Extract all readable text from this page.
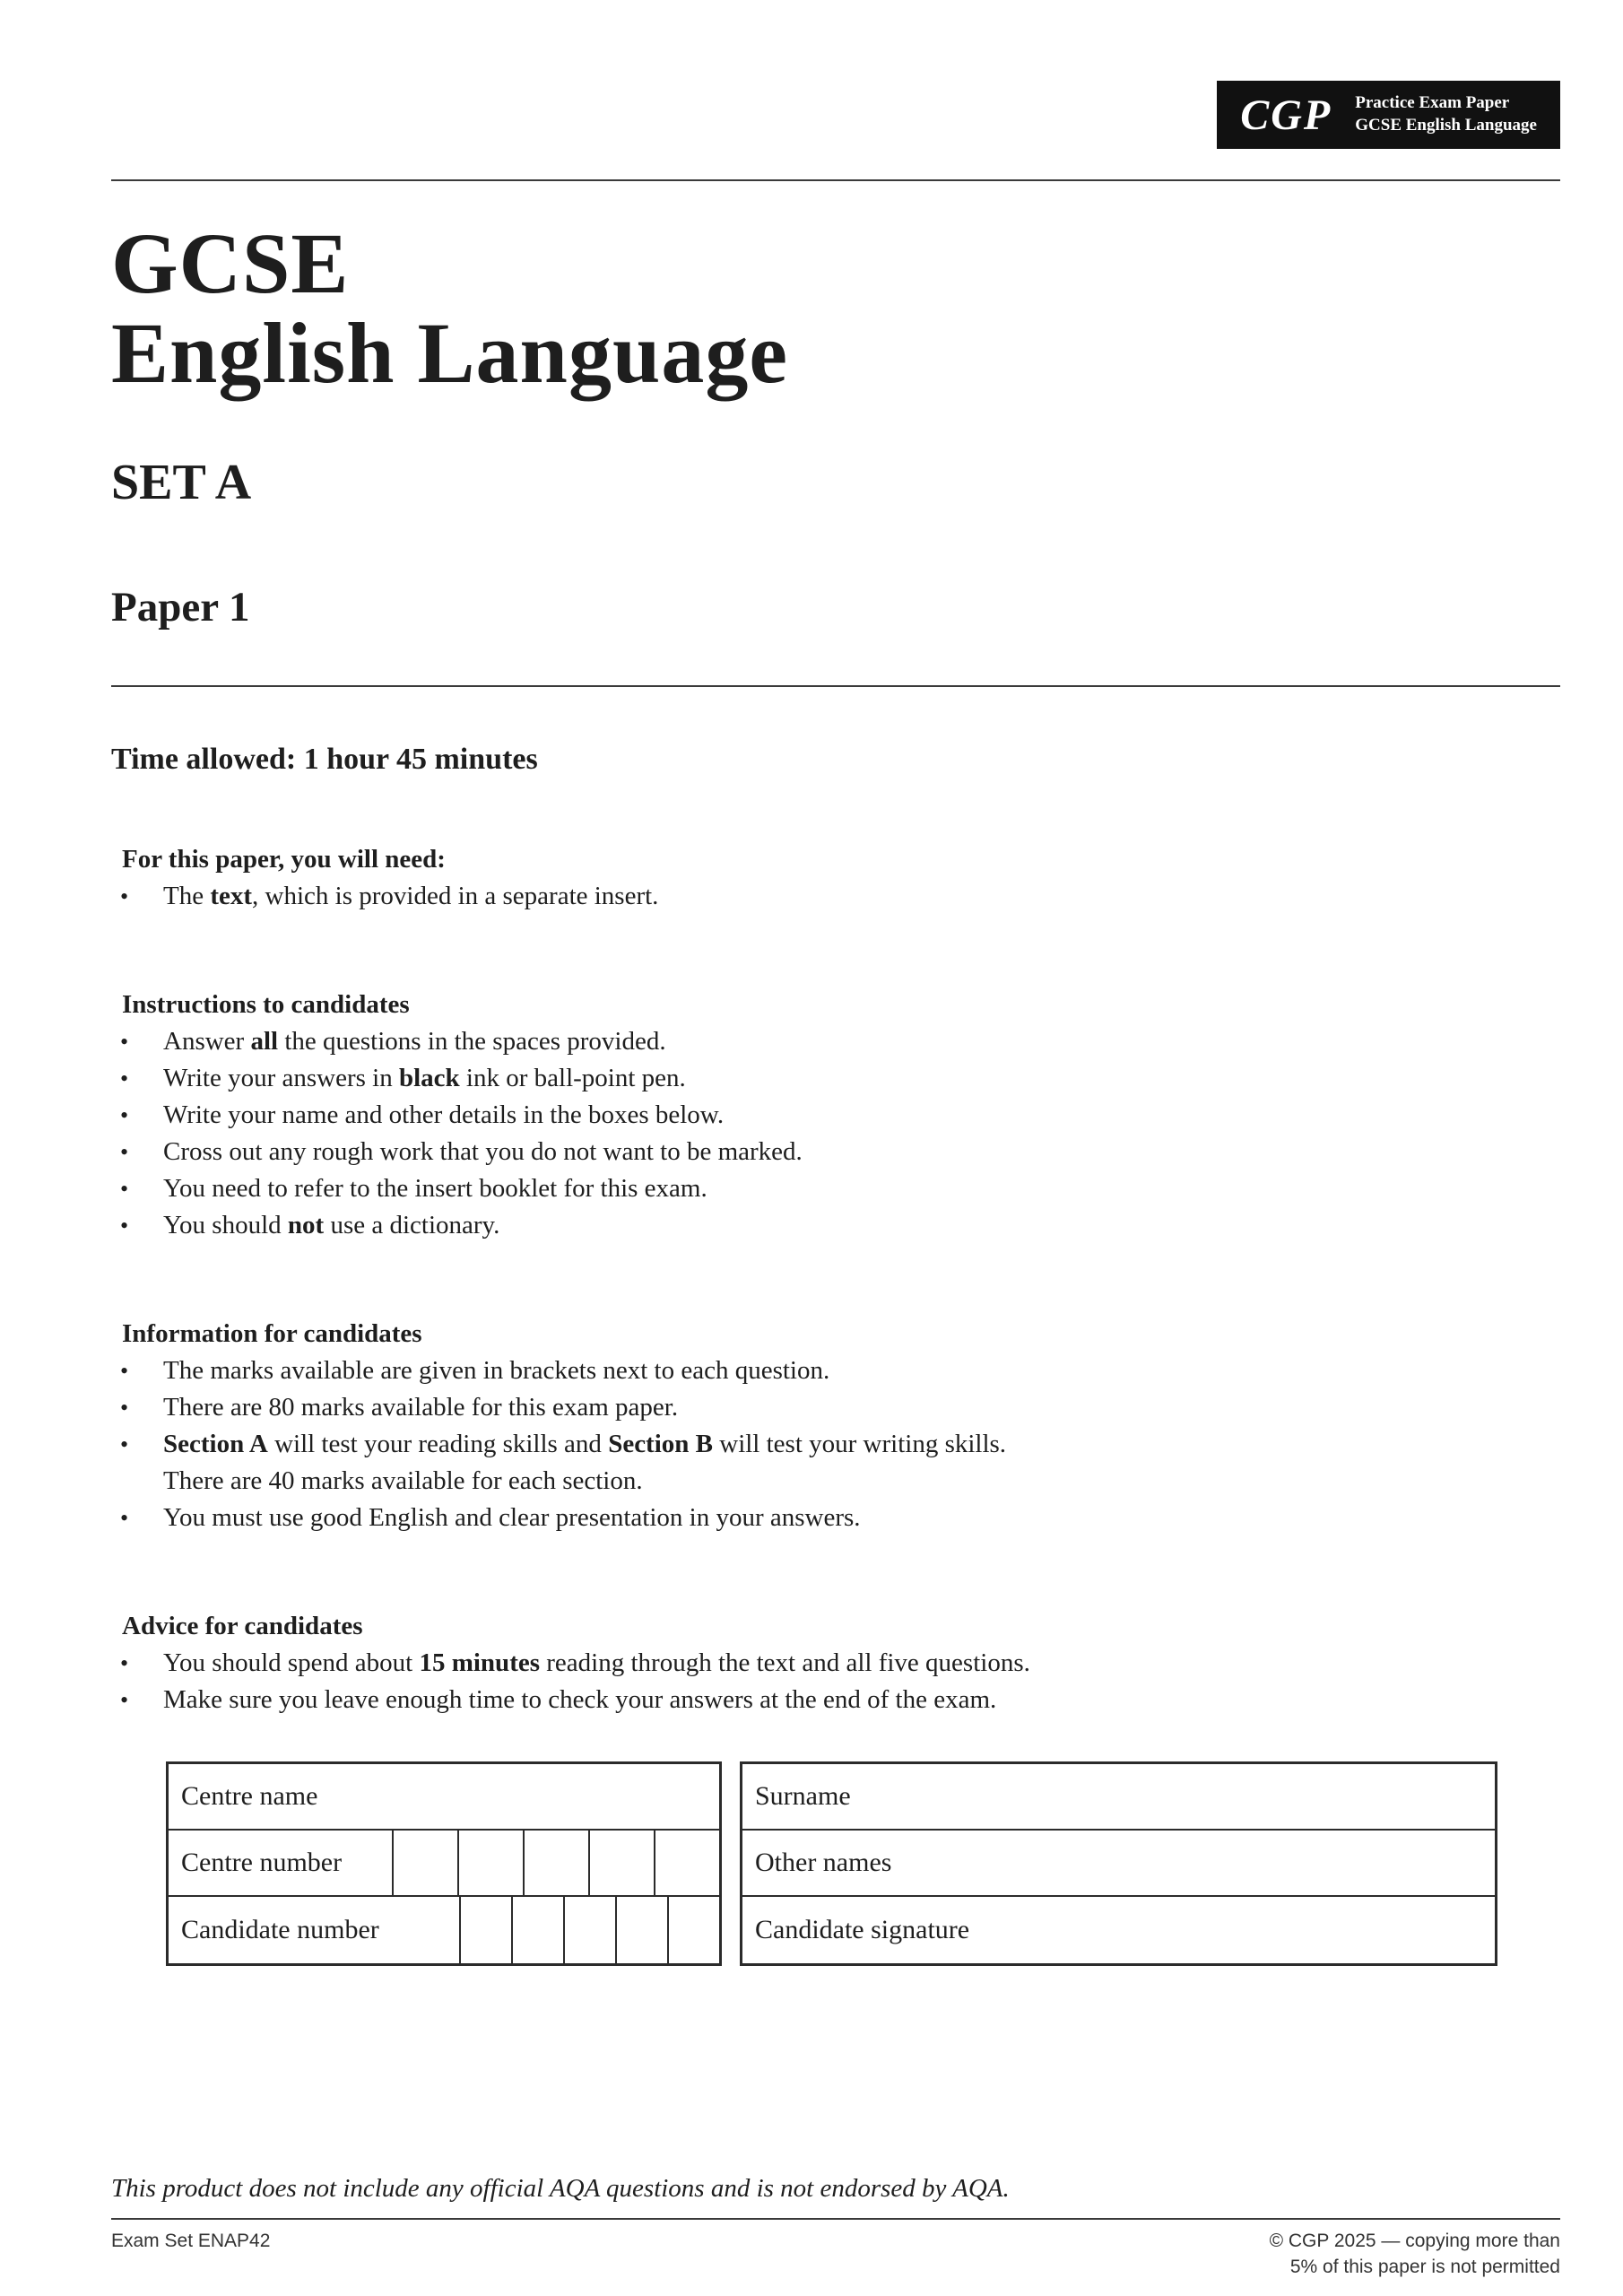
CGP Practice Exam Paper
GCSE English Language
GCSE
English Language
SET A
Paper 1
Time allowed: 1 hour 45 minutes
For this paper, you will need:
•	The text, which is provided in a separate insert.
Instructions to candidates
•	Answer all the questions in the spaces provided.
•	Write your answers in black ink or ball-point pen.
•	Write your name and other details in the boxes below.
•	Cross out any rough work that you do not want to be marked.
•	You need to refer to the insert booklet for this exam.
•	You should not use a dictionary.
Information for candidates
•	The marks available are given in brackets next to each question.
•	There are 80 marks available for this exam paper.
•	Section A will test your reading skills and Section B will test your writing skills.
There are 40 marks available for each section.
•	You must use good English and clear presentation in your answers.
Advice for candidates
•	You should spend about 15 minutes reading through the text and all five questions.
•	Make sure you leave enough time to check your answers at the end of the exam.
Centre name
Centre number
Candidate number
Surname
Other names
Candidate signature
This product does not include any official AQA questions and is not endorsed by AQA.
Exam Set ENAP42	© CGP 2025 — copying more than
5% of this paper is not permitted
